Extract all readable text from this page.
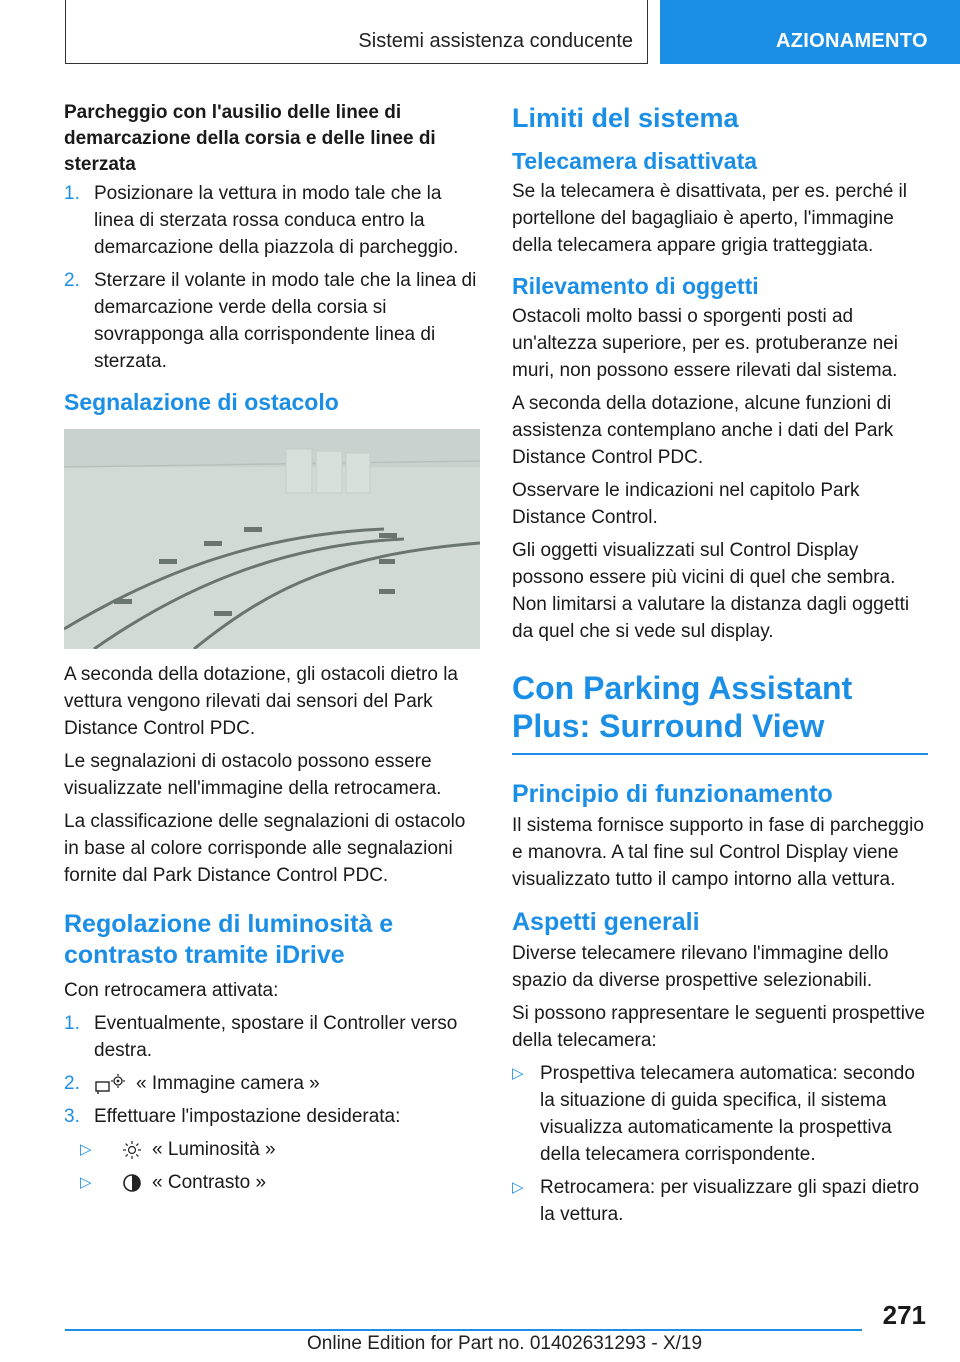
Sistemi assistenza conducente	AZIONAMENTO

Parcheggio con l'ausilio delle linee di demarcazione della corsia e delle linee di sterzata

1. Posizionare la vettura in modo tale che la linea di sterzata rossa conduca entro la demarcazione della piazzola di parcheggio.
2. Sterzare il volante in modo tale che la linea di demarcazione verde della corsia si sovrapponga alla corrispondente linea di sterzata.

Segnalazione di ostacolo

A seconda della dotazione, gli ostacoli dietro la vettura vengono rilevati dai sensori del Park Distance Control PDC.

Le segnalazioni di ostacolo possono essere visualizzate nell'immagine della retrocamera.

La classificazione delle segnalazioni di ostacolo in base al colore corrisponde alle segnalazioni fornite dal Park Distance Control PDC.

Regolazione di luminosità e contrasto tramite iDrive

Con retrocamera attivata:

1. Eventualmente, spostare il Controller verso destra.
2.	« Immagine camera »
3. Effettuare l'impostazione desiderata:
▷	« Luminosità »
▷	« Contrasto »

Limiti del sistema

Telecamera disattivata

Se la telecamera è disattivata, per es. perché il portellone del bagagliaio è aperto, l'immagine della telecamera appare grigia tratteggiata.

Rilevamento di oggetti

Ostacoli molto bassi o sporgenti posti ad un'altezza superiore, per es. protuberanze nei muri, non possono essere rilevati dal sistema.

A seconda della dotazione, alcune funzioni di assistenza contemplano anche i dati del Park Distance Control PDC.

Osservare le indicazioni nel capitolo Park Distance Control.

Gli oggetti visualizzati sul Control Display possono essere più vicini di quel che sembra. Non limitarsi a valutare la distanza dagli oggetti da quel che si vede sul display.

Con Parking Assistant Plus: Surround View

Principio di funzionamento

Il sistema fornisce supporto in fase di parcheggio e manovra. A tal fine sul Control Display viene visualizzato tutto il campo intorno alla vettura.

Aspetti generali

Diverse telecamere rilevano l'immagine dello spazio da diverse prospettive selezionabili.

Si possono rappresentare le seguenti prospettive della telecamera:

▷ Prospettiva telecamera automatica: secondo la situazione di guida specifica, il sistema visualizza automaticamente la prospettiva della telecamera corrispondente.
▷ Retrocamera: per visualizzare gli spazi dietro la vettura.
271
Online Edition for Part no. 01402631293 - X/19
